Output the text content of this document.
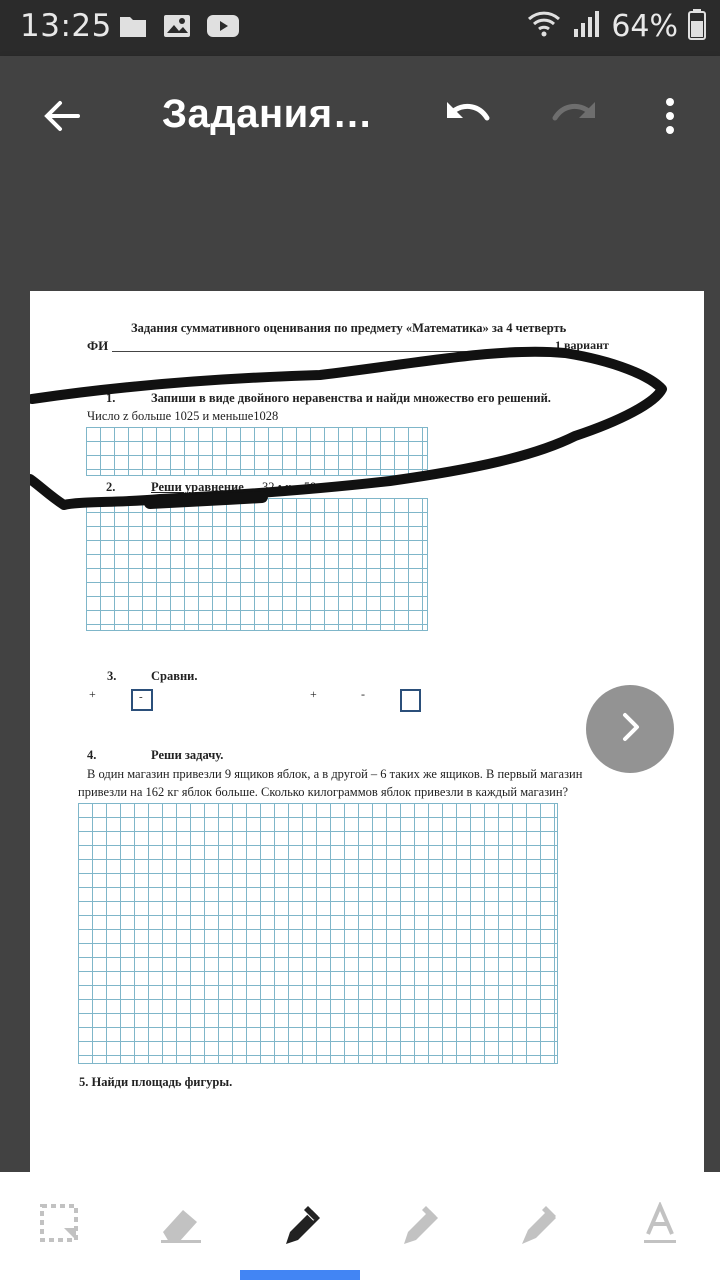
13:25	64%
Задания…
Задания суммативного оценивания по предмету «Математика» за 4 четверть
ФИ	1 вариант
1.	Запиши в виде двойного неравенства и найди множество его решений.
Число z больше 1025 и меньше1028
2.	Реши уравнение. 32 • x – 59=453
3.	Сравни.
+	-	+	-
4.	Реши задачу.
В один магазин привезли 9 ящиков яблок, а в другой – 6 таких же ящиков. В первый магазин
привезли на 162 кг яблок больше. Сколько килограммов яблок привезли в каждый магазин?
5. Найди площадь фигуры.
